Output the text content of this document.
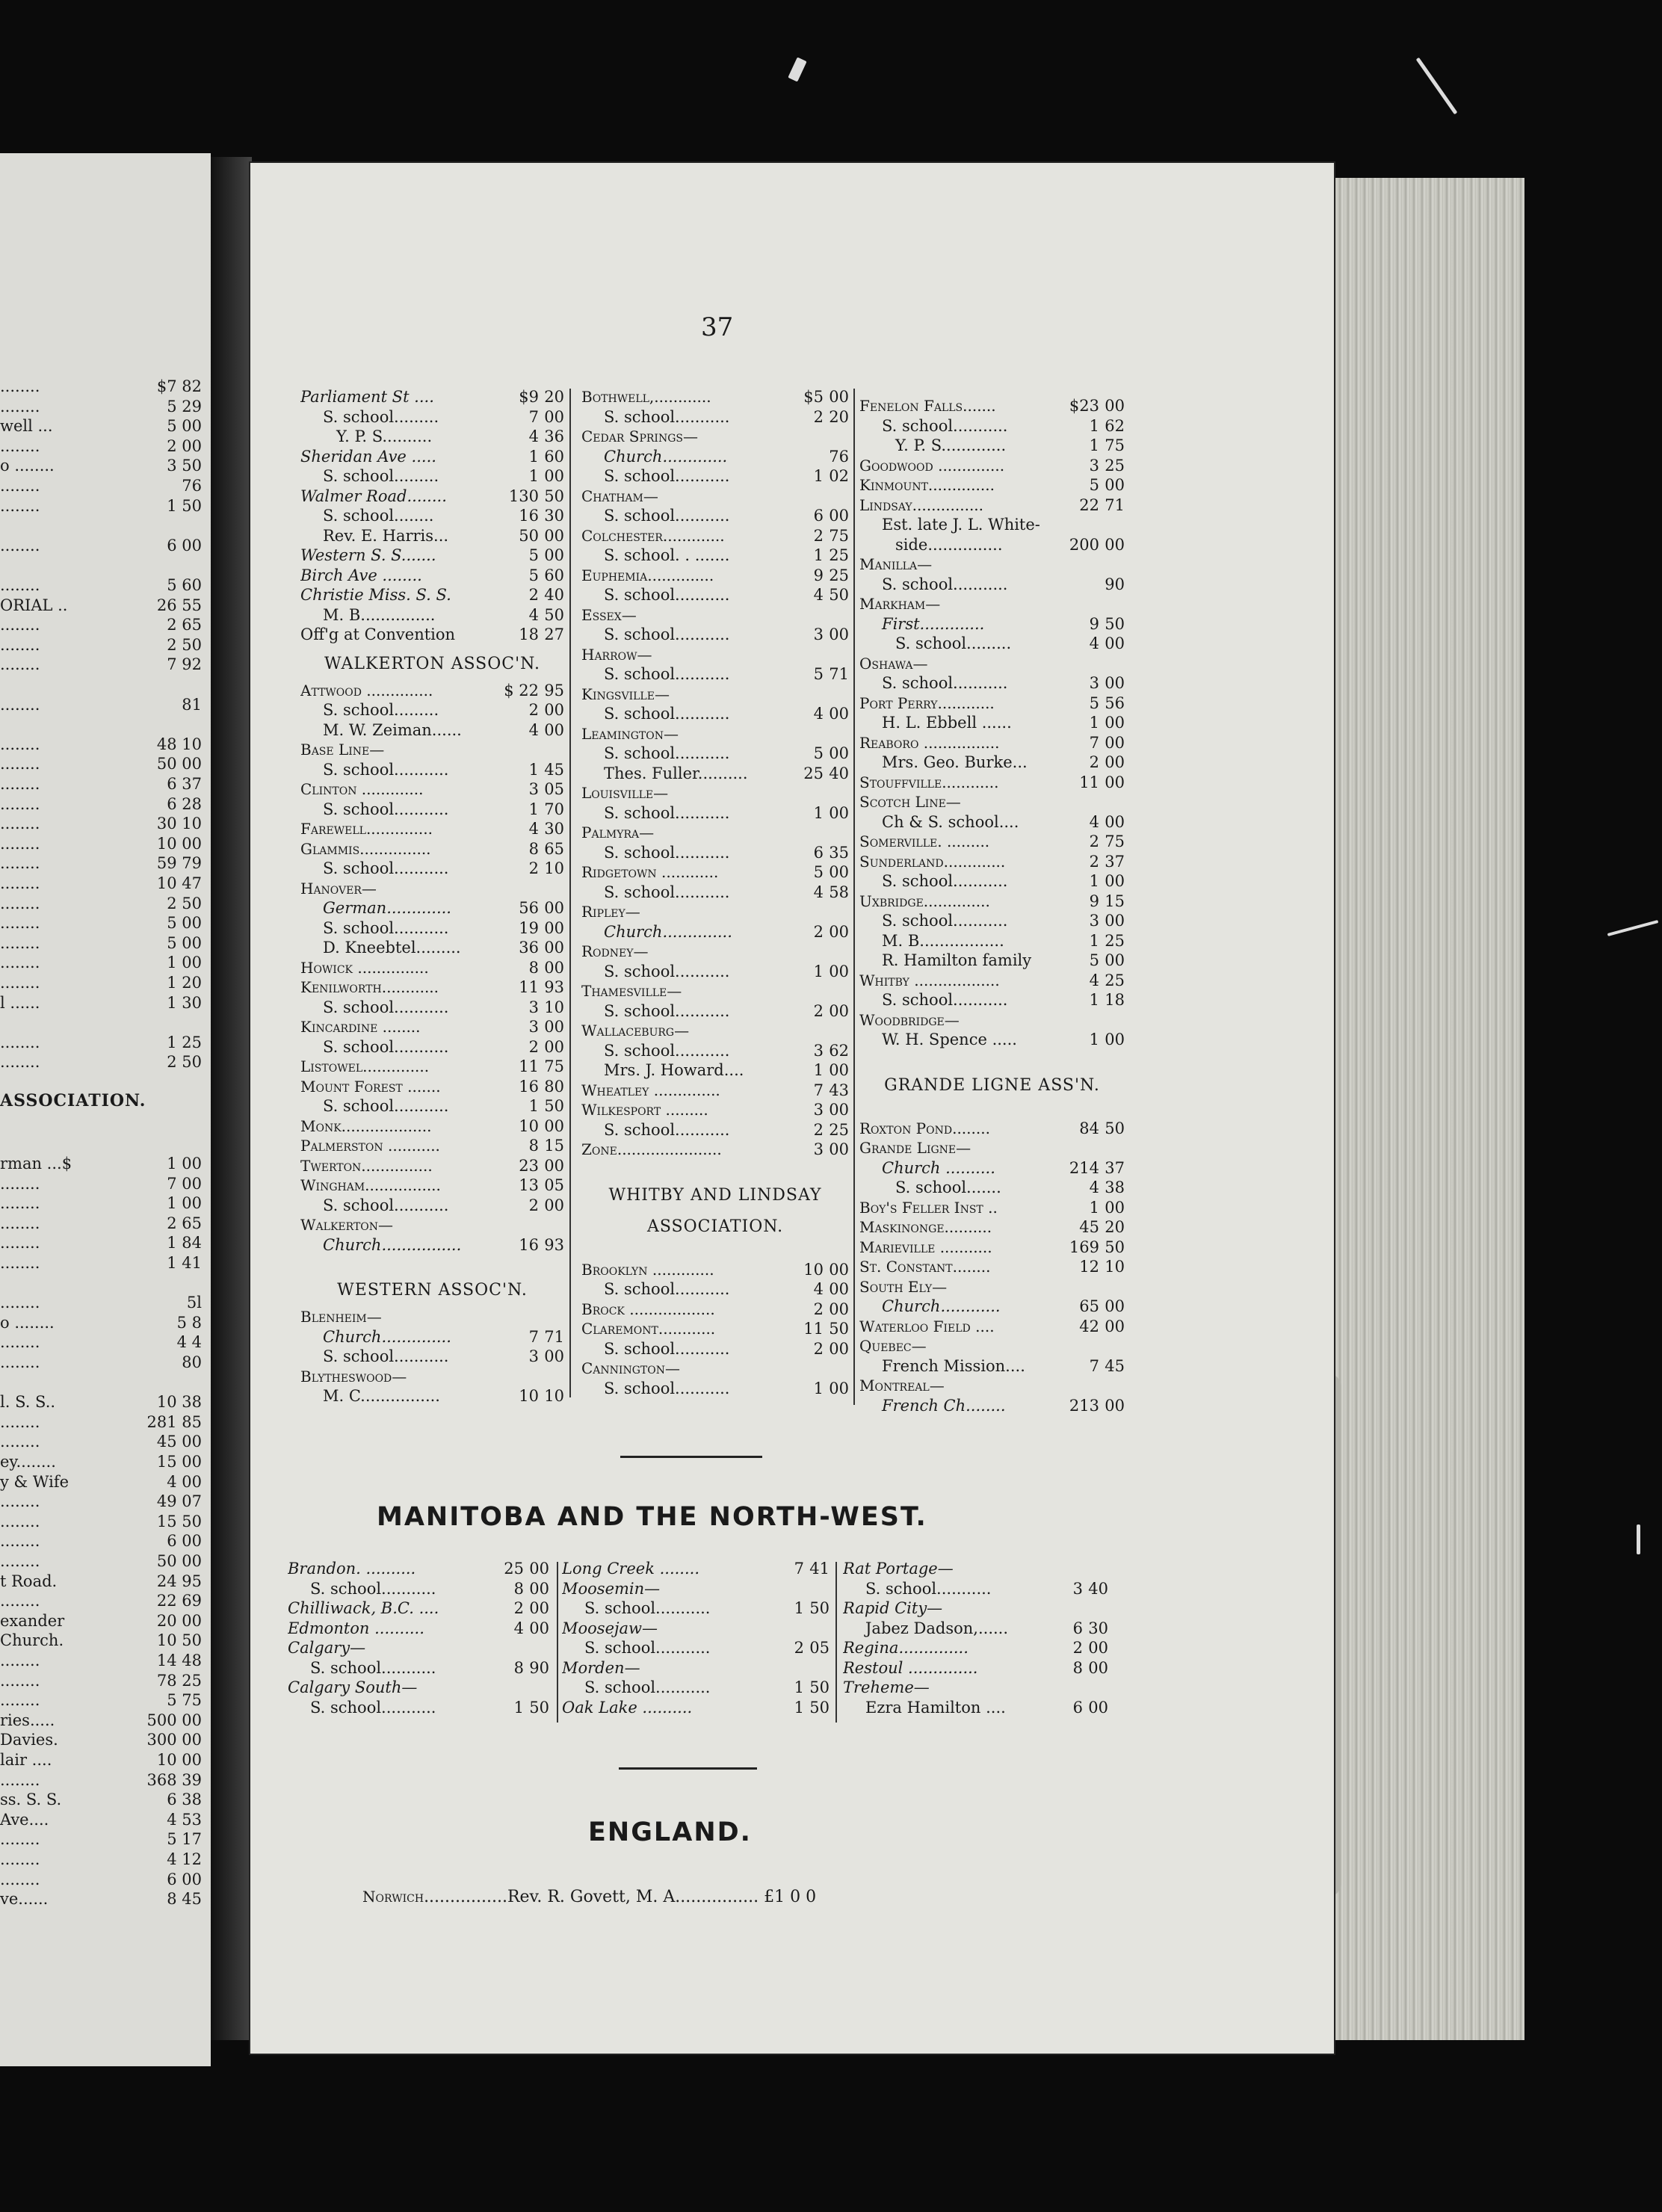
........	$7 82
........	5 29
well ...	5 00
........	2 00
o ........	3 50
........	76
........	1 50
........	6 00
........	5 60
ORIAL ..	26 55
........	2 65
........	2 50
........	7 92
........	81
........	48 10
........	50 00
........	6 37
........	6 28
........	30 10
........	10 00
........	59 79
........	10 47
........	2 50
........	5 00
........	5 00
........	1 00
........	1 20
l ......	1 30
........	1 25
........	2 50
ASSOCIATION.
rman ...$	1 00
........	7 00
........	1 00
........	2 65
........	1 84
........	1 41
........	5l
o ........	5 8
........	4 4
........	80
l. S. S..	10 38
........	281 85
........	45 00
ey........	15 00
y & Wife	4 00
........	49 07
........	15 50
........	6 00
........	50 00
t Road.	24 95
........	22 69
exander	20 00
Church.	10 50
........	14 48
........	78 25
........	5 75
ries.....	500 00
Davies.	300 00
lair ....	10 00
........	368 39
ss. S. S.	6 38
Ave....	4 53
........	5 17
........	4 12
........	6 00
ve......	8 45
37
Parliament St ....	$9 20
S. school.........	7 00
Y. P. S..........	4 36
Sheridan Ave .....	1 60
S. school.........	1 00
Walmer Road........	130 50
S. school........	16 30
Rev. E. Harris...	50 00
Western S. S.......	5 00
Birch Ave ........	5 60
Christie Miss. S. S.	2 40
M. B...............	4 50
Off'g at Convention	18 27
WALKERTON ASSOC'N.
Attwood ..............	$ 22 95
S. school.........	2 00
M. W. Zeiman......	4 00
Base Line—
S. school...........	1 45
Clinton .............	3 05
S. school...........	1 70
Farewell..............	4 30
Glammis...............	8 65
S. school...........	2 10
Hanover—
German.............	56 00
S. school...........	19 00
D. Kneebtel.........	36 00
Howick ...............	8 00
Kenilworth............	11 93
S. school...........	3 10
Kincardine ........	3 00
S. school...........	2 00
Listowel..............	11 75
Mount Forest .......	16 80
S. school...........	1 50
Monk...................	10 00
Palmerston ...........	8 15
Twerton...............	23 00
Wingham................	13 05
S. school...........	2 00
Walkerton—
Church................	16 93
WESTERN ASSOC'N.
Blenheim—
Church..............	7 71
S. school...........	3 00
Blytheswood—
M. C................	10 10
Bothwell,............	$5 00
S. school...........	2 20
Cedar Springs—
Church.............	76
S. school...........	1 02
Chatham—
S. school...........	6 00
Colchester.............	2 75
S. school. . .......	1 25
Euphemia..............	9 25
S. school...........	4 50
Essex—
S. school...........	3 00
Harrow—
S. school...........	5 71
Kingsville—
S. school...........	4 00
Leamington—
S. school...........	5 00
Thes. Fuller..........	25 40
Louisville—
S. school...........	1 00
Palmyra—
S. school...........	6 35
Ridgetown ............	5 00
S. school...........	4 58
Ripley—
Church..............	2 00
Rodney—
S. school...........	1 00
Thamesville—
S. school...........	2 00
Wallaceburg—
S. school...........	3 62
Mrs. J. Howard....	1 00
Wheatley ..............	7 43
Wilkesport .........	3 00
S. school...........	2 25
Zone......................	3 00
WHITBY AND LINDSAY
ASSOCIATION.
Brooklyn .............	10 00
S. school...........	4 00
Brock ..................	2 00
Claremont............	11 50
S. school...........	2 00
Cannington—
S. school...........	1 00
Fenelon Falls.......	$23 00
S. school...........	1 62
Y. P. S.............	1 75
Goodwood ..............	3 25
Kinmount..............	5 00
Lindsay...............	22 71
Est. late J. L. White-
side...............	200 00
Manilla—
S. school...........	90
Markham—
First.............	9 50
S. school.........	4 00
Oshawa—
S. school...........	3 00
Port Perry............	5 56
H. L. Ebbell ......	1 00
Reaboro ................	7 00
Mrs. Geo. Burke...	2 00
Stouffville............	11 00
Scotch Line—
Ch & S. school....	4 00
Somerville. .........	2 75
Sunderland.............	2 37
S. school...........	1 00
Uxbridge..............	9 15
S. school...........	3 00
M. B.................	1 25
R. Hamilton family	5 00
Whitby ..................	4 25
S. school...........	1 18
Woodbridge—
W. H. Spence .....	1 00
GRANDE LIGNE ASS'N.
Roxton Pond........	84 50
Grande Ligne—
Church ..........	214 37
S. school.......	4 38
Boy's Feller Inst ..	1 00
Maskinonge..........	45 20
Marieville ...........	169 50
St. Constant........	12 10
South Ely—
Church............	65 00
Waterloo Field ....	42 00
Quebec—
French Mission....	7 45
Montreal—
French Ch........	213 00
MANITOBA AND THE NORTH-WEST.
Brandon. ..........	25 00
S. school...........	8 00
Chilliwack, B.C. ....	2 00
Edmonton ..........	4 00
Calgary—
S. school...........	8 90
Calgary South—
S. school...........	1 50
Long Creek ........	7 41
Moosemin—
S. school...........	1 50
Moosejaw—
S. school...........	2 05
Morden—
S. school...........	1 50
Oak Lake ..........	1 50
Rat Portage—
S. school...........	3 40
Rapid City—
Jabez Dadson,......	6 30
Regina..............	2 00
Restoul ..............	8 00
Treheme—
Ezra Hamilton ....	6 00
ENGLAND.
Norwich................Rev. R. Govett, M. A................ £1 0 0
